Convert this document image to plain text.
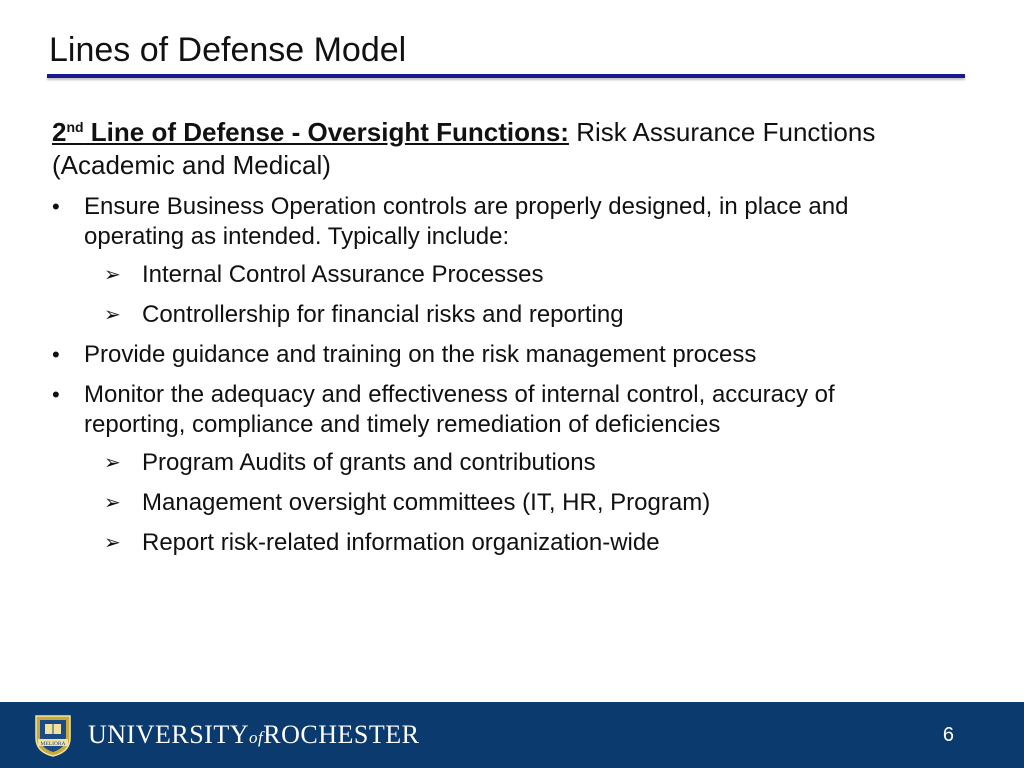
Lines of Defense Model
2nd Line of Defense - Oversight Functions: Risk Assurance Functions (Academic and Medical)
• Ensure Business Operation controls are properly designed, in place and operating as intended. Typically include:
➢ Internal Control Assurance Processes
➢ Controllership for financial risks and reporting
• Provide guidance and training on the risk management process
• Monitor the adequacy and effectiveness of internal control, accuracy of reporting, compliance and timely remediation of deficiencies
➢ Program Audits of grants and contributions
➢ Management oversight committees (IT, HR, Program)
➢ Report risk-related information organization-wide
MELIORA UNIVERSITYofROCHESTER	6
